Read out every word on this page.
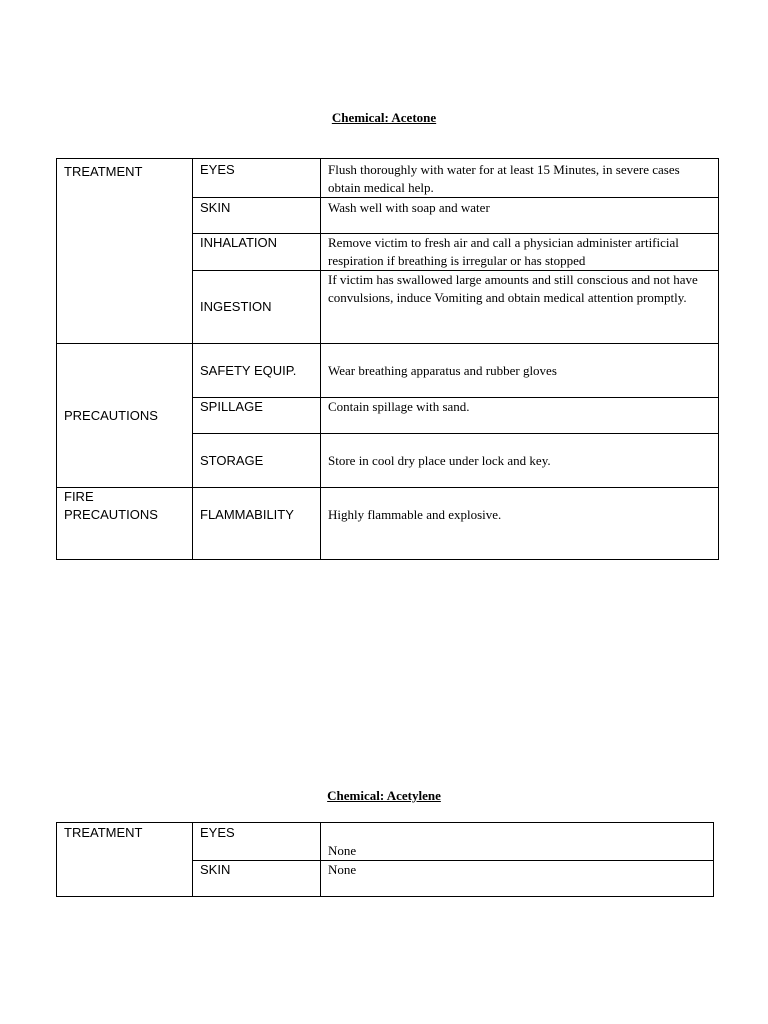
Chemical: Acetone
TREATMENT	EYES	Flush thoroughly with water for at least 15 Minutes, in severe cases obtain medical help.
	SKIN	Wash well with soap and water
	INHALATION	Remove victim to fresh air and call a physician administer artificial respiration if breathing is irregular or has stopped
	INGESTION	If victim has swallowed large amounts and still conscious and not have convulsions, induce Vomiting and obtain medical attention promptly.
PRECAUTIONS	SAFETY EQUIP.	Wear breathing apparatus and rubber gloves
	SPILLAGE	Contain spillage with sand.
	STORAGE	Store in cool dry place under lock and key.
FIRE PRECAUTIONS	FLAMMABILITY	Highly flammable and explosive.
Chemical: Acetylene
TREATMENT	EYES	None
	SKIN	None
